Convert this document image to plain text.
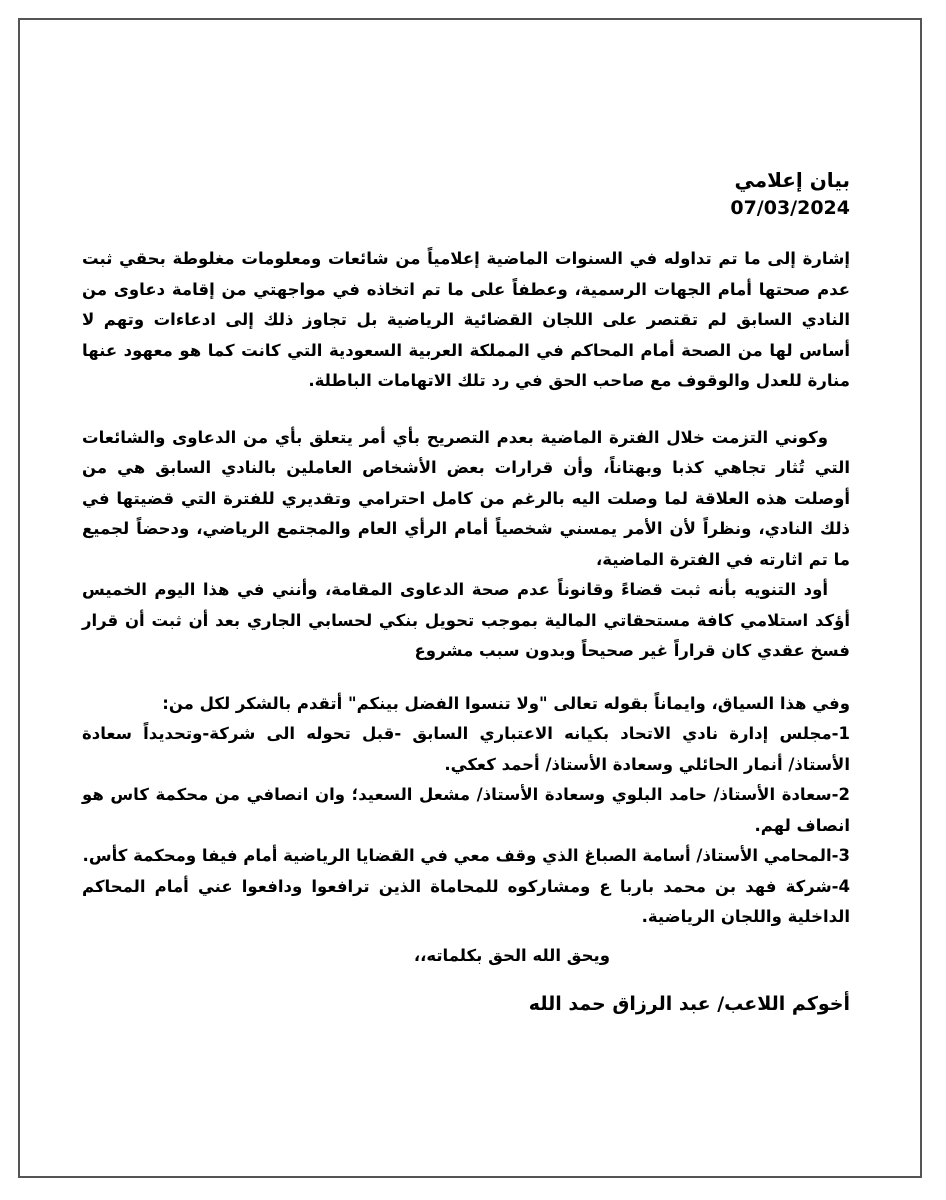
بيان إعلامي

07/03/2024

إشارة إلى ما تم تداوله في السنوات الماضية إعلامياً من شائعات ومعلومات مغلوطة بحقي ثبت عدم صحتها أمام الجهات الرسمية، وعطفاً على ما تم اتخاذه في مواجهتي من إقامة دعاوى من النادي السابق لم تقتصر على اللجان القضائية الرياضية بل تجاوز ذلك إلى ادعاءات وتهم لا أساس لها من الصحة أمام المحاكم في المملكة العربية السعودية التي كانت كما هو معهود عنها منارة للعدل والوقوف مع صاحب الحق في رد تلك الاتهامات الباطلة.

وكوني التزمت خلال الفترة الماضية بعدم التصريح بأي أمر يتعلق بأي من الدعاوى والشائعات التي تُثار تجاهي كذبا وبهتاناً، وأن قرارات بعض الأشخاص العاملين بالنادي السابق هي من أوصلت هذه العلاقة لما وصلت اليه بالرغم من كامل احترامي وتقديري للفترة التي قضيتها في ذلك النادي، ونظراً لأن الأمر يمسني شخصياً أمام الرأي العام والمجتمع الرياضي، ودحضاً لجميع ما تم اثارته في الفترة الماضية،

أود التنويه بأنه ثبت قضاءً وقانوناً عدم صحة الدعاوى المقامة، وأنني في هذا اليوم الخميس أؤكد استلامي كافة مستحقاتي المالية بموجب تحويل بنكي لحسابي الجاري بعد أن ثبت أن قرار فسخ عقدي كان قراراً غير صحيحاً وبدون سبب مشروع

وفي هذا السياق، وايماناً بقوله تعالى "ولا تنسوا الفضل بينكم" أتقدم بالشكر لكل من:

1-مجلس إدارة نادي الاتحاد بكيانه الاعتباري السابق -قبل تحوله الى شركة-وتحديداً سعادة الأستاذ/ أنمار الحائلي وسعادة الأستاذ/ أحمد كعكي.

2-سعادة الأستاذ/ حامد البلوي وسعادة الأستاذ/ مشعل السعيد؛ وان انصافي من محكمة كاس هو انصاف لهم.

3-المحامي الأستاذ/ أسامة الصباغ الذي وقف معي في القضايا الرياضية أمام فيفا ومحكمة كأس.

4-شركة فهد بن محمد باربا ع ومشاركوه للمحاماة الذين ترافعوا ودافعوا عني أمام المحاكم الداخلية واللجان الرياضية.

ويحق الله الحق بكلماته،،

أخوكم اللاعب/ عبد الرزاق حمد الله
